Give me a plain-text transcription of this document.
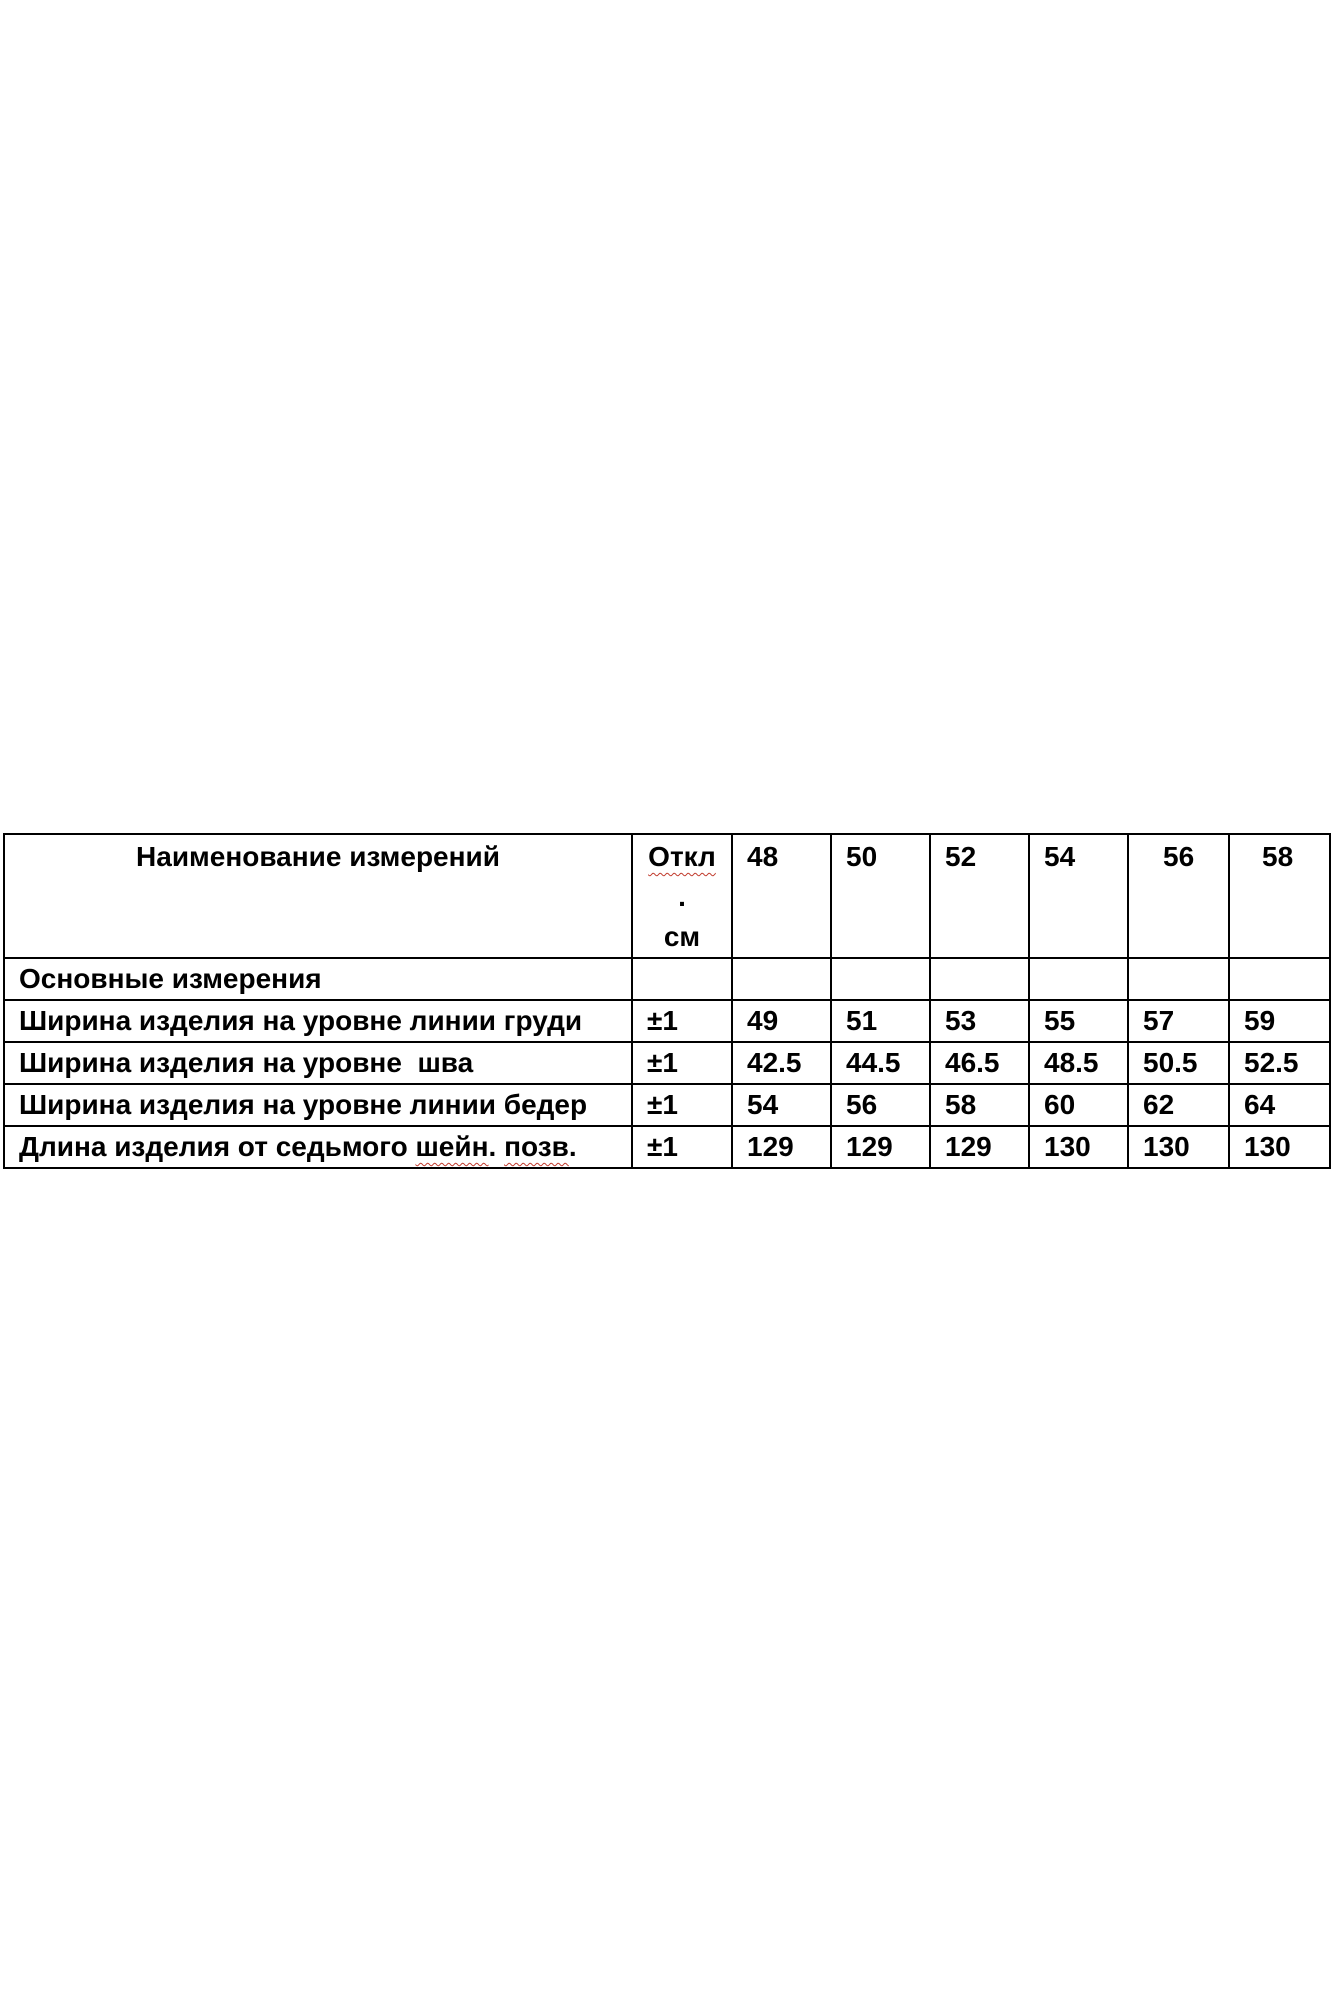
Наименование измерений	Откл
.
см	48	50	52	54	56	58
Основные измерения							
Ширина изделия на уровне линии груди	±1	49	51	53	55	57	59
Ширина изделия на уровне  шва	±1	42.5	44.5	46.5	48.5	50.5	52.5
Ширина изделия на уровне линии бедер	±1	54	56	58	60	62	64
Длина изделия от седьмого шейн. позв.	±1	129	129	129	130	130	130
